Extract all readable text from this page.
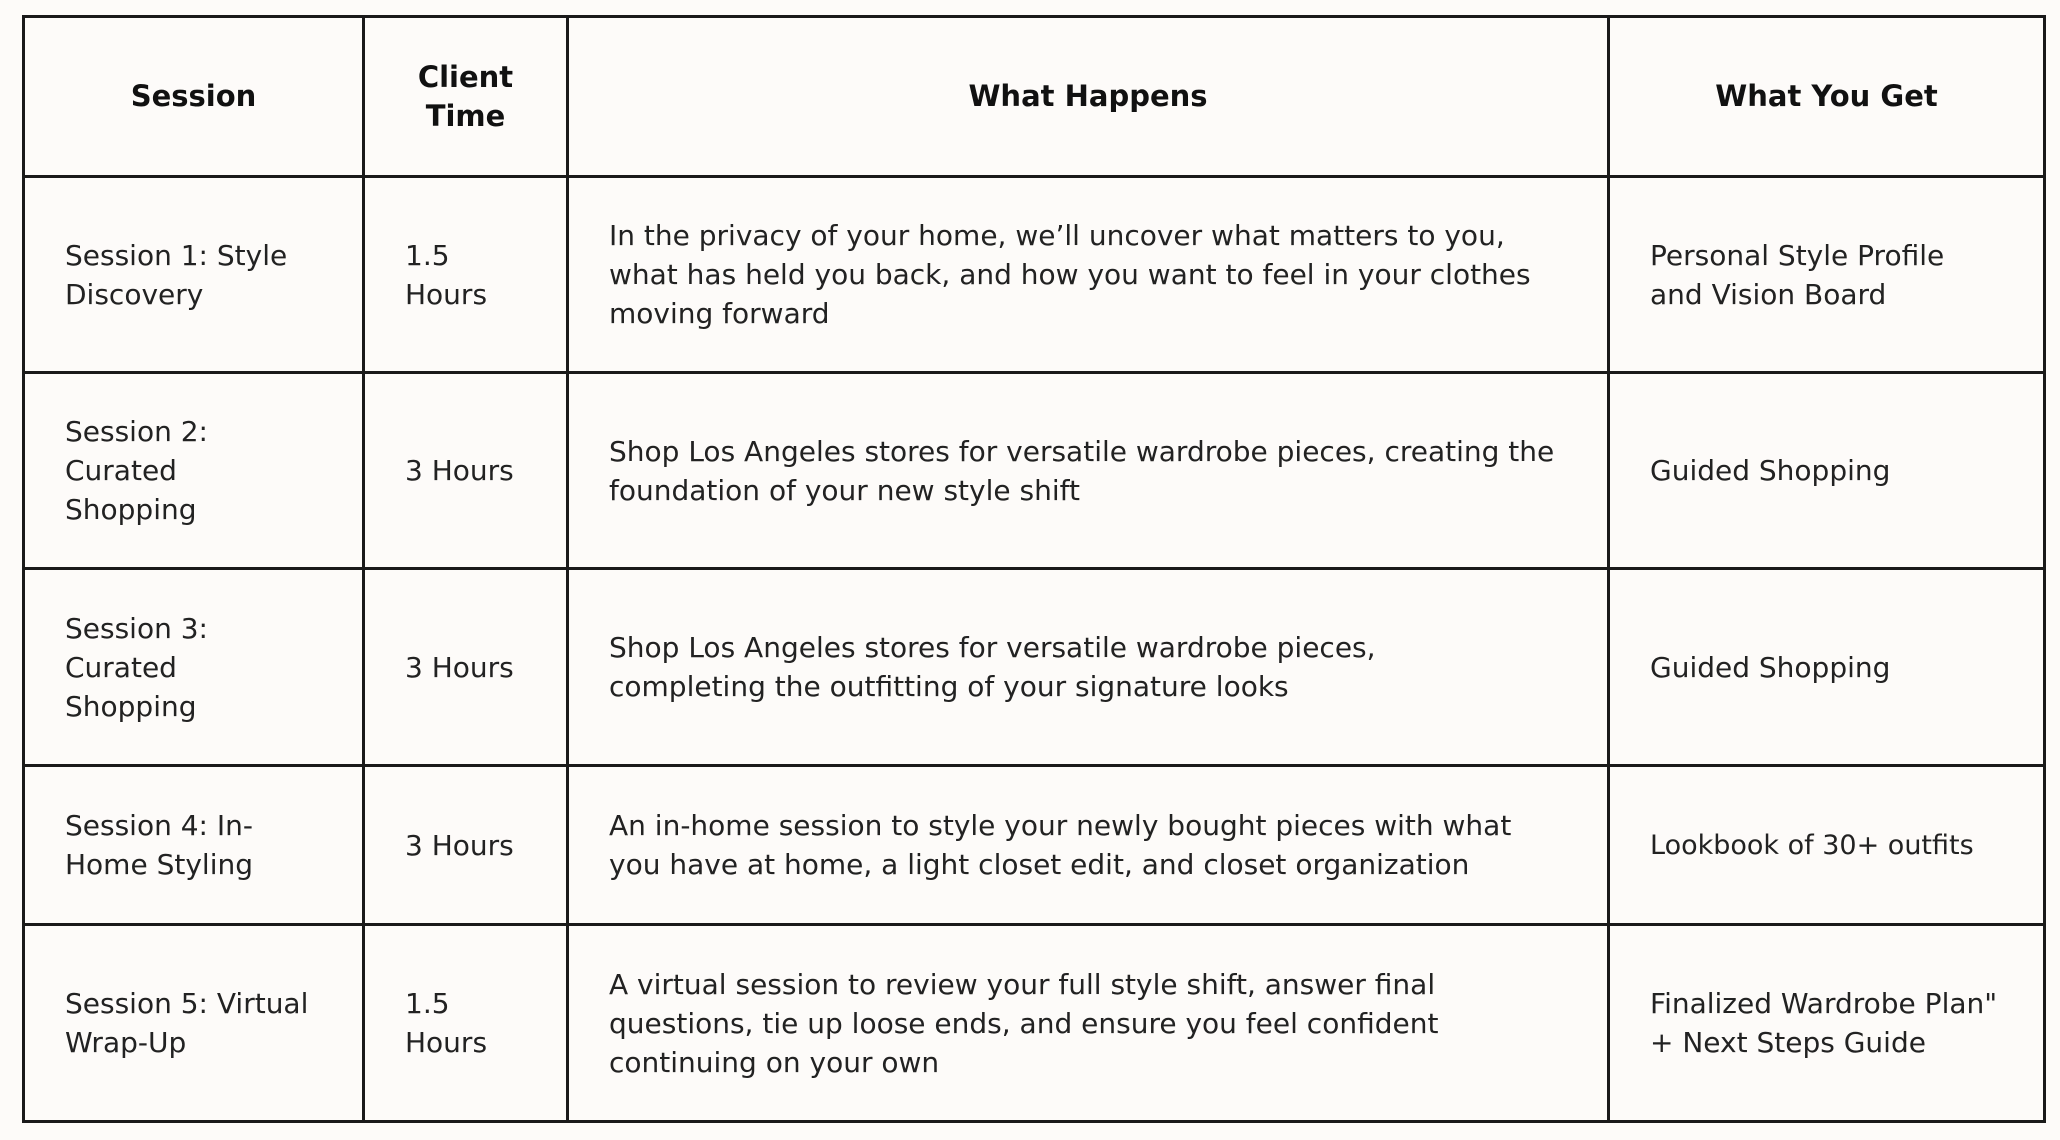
Session	Client Time	What Happens	What You Get
Session 1: Style Discovery	1.5 Hours	In the privacy of your home, we’ll uncover what matters to you, what has held you back, and how you want to feel in your clothes moving forward	Personal Style Profile and Vision Board
Session 2: Curated Shopping	3 Hours	Shop Los Angeles stores for versatile wardrobe pieces, creating the foundation of your new style shift	Guided Shopping
Session 3: Curated Shopping	3 Hours	Shop Los Angeles stores for versatile wardrobe pieces, completing the outfitting of your signature looks	Guided Shopping
Session 4: In-Home Styling	3 Hours	An in-home session to style your newly bought pieces with what you have at home, a light closet edit, and closet organization	Lookbook of 30+ outfits
Session 5: Virtual Wrap-Up	1.5 Hours	A virtual session to review your full style shift, answer final questions, tie up loose ends, and ensure you feel confident continuing on your own	Finalized Wardrobe Plan" + Next Steps Guide
